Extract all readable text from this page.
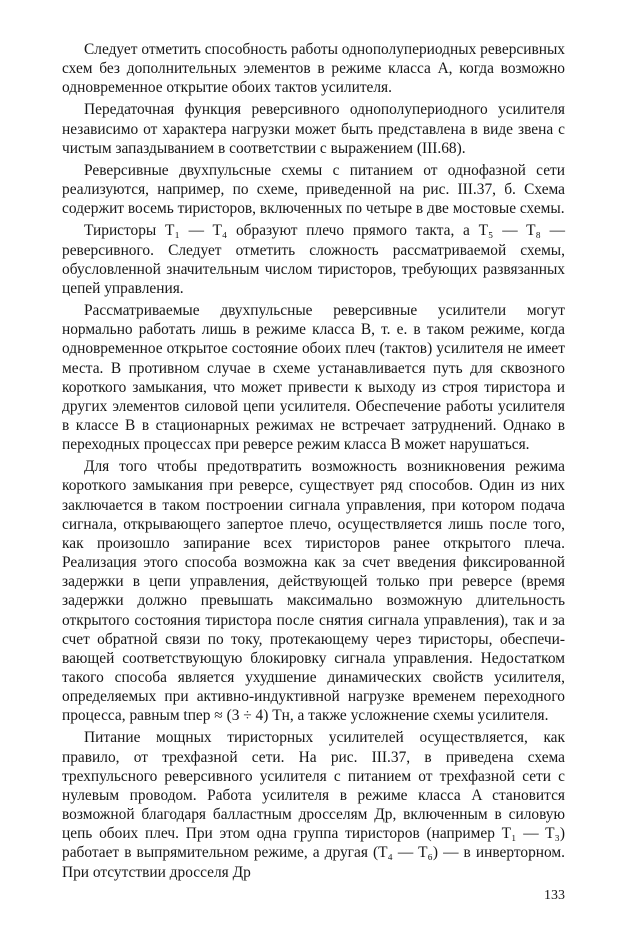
Следует отметить способность работы однополупериодных реверсивных схем без дополнительных элементов в режиме класса A, когда возможно одновременное открытие обоих тактов усилителя.

Передаточная функция реверсивного однополупериодного усилителя независимо от характера нагрузки может быть представлена в виде звена с чистым запаздыванием в соответствии с выражением (III.68).

Реверсивные двухпульсные схемы с питанием от однофазной сети реализуются, например, по схеме, приведенной на рис. III.37, б. Схема содержит восемь тиристоров, включенных по четыре в две мостовые схемы.

Тиристоры T₁ — T₄ образуют плечо прямого такта, а T₅ — T₈ — реверсивного. Следует отметить сложность рассматриваемой схемы, обусловленной значительным числом тиристоров, требующих развязанных цепей управления.

Рассматриваемые двухпульсные реверсивные усилители могут нормально работать лишь в режиме класса B, т. е. в таком режиме, когда одновременное открытое состояние обоих плеч (тактов) усилителя не имеет места. В противном случае в схеме устанавливается путь для сквозного короткого замыкания, что может привести к выходу из строя тиристора и других элементов силовой цепи усилителя. Обеспечение работы усилителя в классе B в стационарных режимах не встречает затруднений. Однако в переходных процессах при реверсе режим класса B может нарушаться.

Для того чтобы предотвратить возможность возникновения режима короткого замыкания при реверсе, существует ряд способов. Один из них заключается в таком построении сигнала управления, при котором подача сигнала, открывающего запертое плечо, осуществляется лишь после того, как произошло запирание всех тиристоров ранее открытого плеча. Реализация этого способа возможна как за счет введения фиксированной задержки в цепи управления, действующей только при реверсе (время задержки должно превышать максимально возможную длительность открытого состояния тиристора после снятия сигнала управления), так и за счет обратной связи по току, протекающему через тиристоры, обеспечивающей соответствующую блокировку сигнала управления. Недостатком такого способа является ухудшение динамических свойств усилителя, определяемых при активно-индуктивной нагрузке временем переходного процесса, равным tпер ≈ (3 ÷ 4) Tн, а также усложнение схемы усилителя.

Питание мощных тиристорных усилителей осуществляется, как правило, от трехфазной сети. На рис. III.37, в приведена схема трехпульсного реверсивного усилителя с питанием от трехфазной сети с нулевым проводом. Работа усилителя в режиме класса A становится возможной благодаря балластным дросселям Др, включенным в силовую цепь обоих плеч. При этом одна группа тиристоров (например T₁ — T₃) работает в выпрямительном режиме, а другая (T₄ — T₆) — в инверторном. При отсутствии дросселя Др

133
